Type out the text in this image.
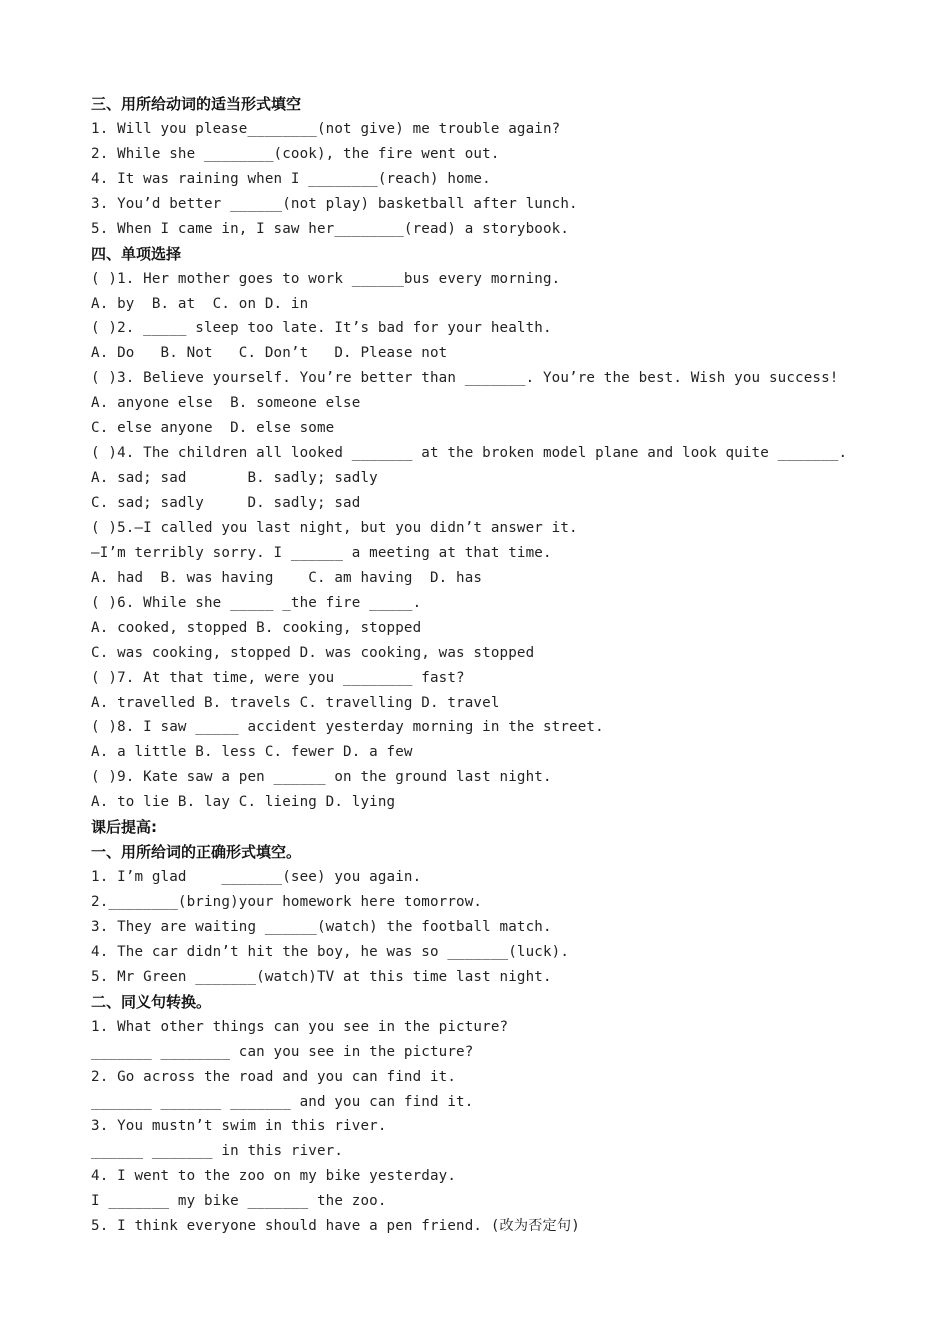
三、用所给动词的适当形式填空
1. Will you please________(not give) me trouble again?
2. While she ________(cook), the fire went out.
4. It was raining when I ________(reach) home.
3. You’d better ______(not play) basketball after lunch.
5. When I came in, I saw her________(read) a storybook.
四、单项选择
( )1. Her mother goes to work ______bus every morning.
A. by  B. at  C. on D. in
( )2. _____ sleep too late. It’s bad for your health.
A. Do   B. Not   C. Don’t   D. Please not
( )3. Believe yourself. You’re better than _______. You’re the best. Wish you success!
A. anyone else  B. someone else
C. else anyone  D. else some
( )4. The children all looked _______ at the broken model plane and look quite _______.
A. sad; sad       B. sadly; sadly
C. sad; sadly     D. sadly; sad
( )5.—I called you last night, but you didn’t answer it.
—I’m terribly sorry. I ______ a meeting at that time.
A. had  B. was having    C. am having  D. has
( )6. While she _____ _the fire _____.
A. cooked, stopped B. cooking, stopped
C. was cooking, stopped D. was cooking, was stopped
( )7. At that time, were you ________ fast?
A. travelled B. travels C. travelling D. travel
( )8. I saw _____ accident yesterday morning in the street.
A. a little B. less C. fewer D. a few
( )9. Kate saw a pen ______ on the ground last night.
A. to lie B. lay C. lieing D. lying
课后提高:
一、用所给词的正确形式填空。
1. I’m glad    _______(see) you again.
2.________(bring)your homework here tomorrow.
3. They are waiting ______(watch) the football match.
4. The car didn’t hit the boy, he was so _______(luck).
5. Mr Green _______(watch)TV at this time last night.
二、同义句转换。
1. What other things can you see in the picture?
_______ ________ can you see in the picture?
2. Go across the road and you can find it.
_______ _______ _______ and you can find it.
3. You mustn’t swim in this river.
______ _______ in this river.
4. I went to the zoo on my bike yesterday.
I _______ my bike _______ the zoo.
5. I think everyone should have a pen friend. (改为否定句)
